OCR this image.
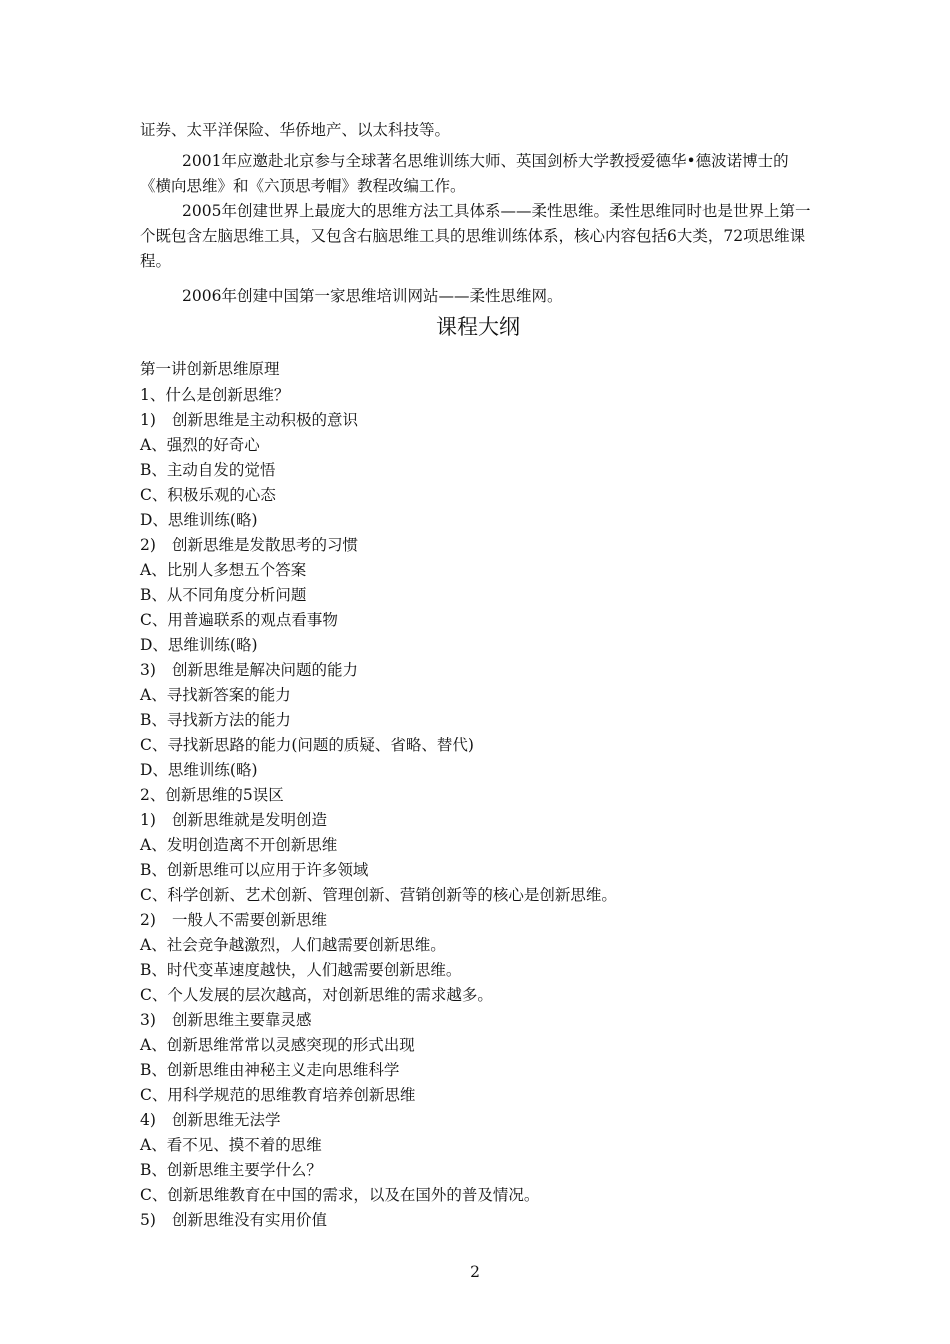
证券、太平洋保险、华侨地产、以太科技等。

2001年应邀赴北京参与全球著名思维训练大师、英国剑桥大学教授爱德华•德波诺博士的《横向思维》和《六顶思考帽》教程改编工作。

2005年创建世界上最庞大的思维方法工具体系——柔性思维。柔性思维同时也是世界上第一个既包含左脑思维工具，又包含右脑思维工具的思维训练体系，核心内容包括6大类，72项思维课程。

2006年创建中国第一家思维培训网站——柔性思维网。

课程大纲
第一讲创新思维原理
1、什么是创新思维？
1) 创新思维是主动积极的意识
A、强烈的好奇心
B、主动自发的觉悟
C、积极乐观的心态
D、思维训练(略)
2) 创新思维是发散思考的习惯
A、比别人多想五个答案
B、从不同角度分析问题
C、用普遍联系的观点看事物
D、思维训练(略)
3) 创新思维是解决问题的能力
A、寻找新答案的能力
B、寻找新方法的能力
C、寻找新思路的能力(问题的质疑、省略、替代)
D、思维训练(略)
2、创新思维的5误区
1) 创新思维就是发明创造
A、发明创造离不开创新思维
B、创新思维可以应用于许多领域
C、科学创新、艺术创新、管理创新、营销创新等的核心是创新思维。
2) 一般人不需要创新思维
A、社会竞争越激烈，人们越需要创新思维。
B、时代变革速度越快，人们越需要创新思维。
C、个人发展的层次越高，对创新思维的需求越多。
3) 创新思维主要靠灵感
A、创新思维常常以灵感突现的形式出现
B、创新思维由神秘主义走向思维科学
C、用科学规范的思维教育培养创新思维
4) 创新思维无法学
A、看不见、摸不着的思维
B、创新思维主要学什么？
C、创新思维教育在中国的需求，以及在国外的普及情况。
5) 创新思维没有实用价值
2
